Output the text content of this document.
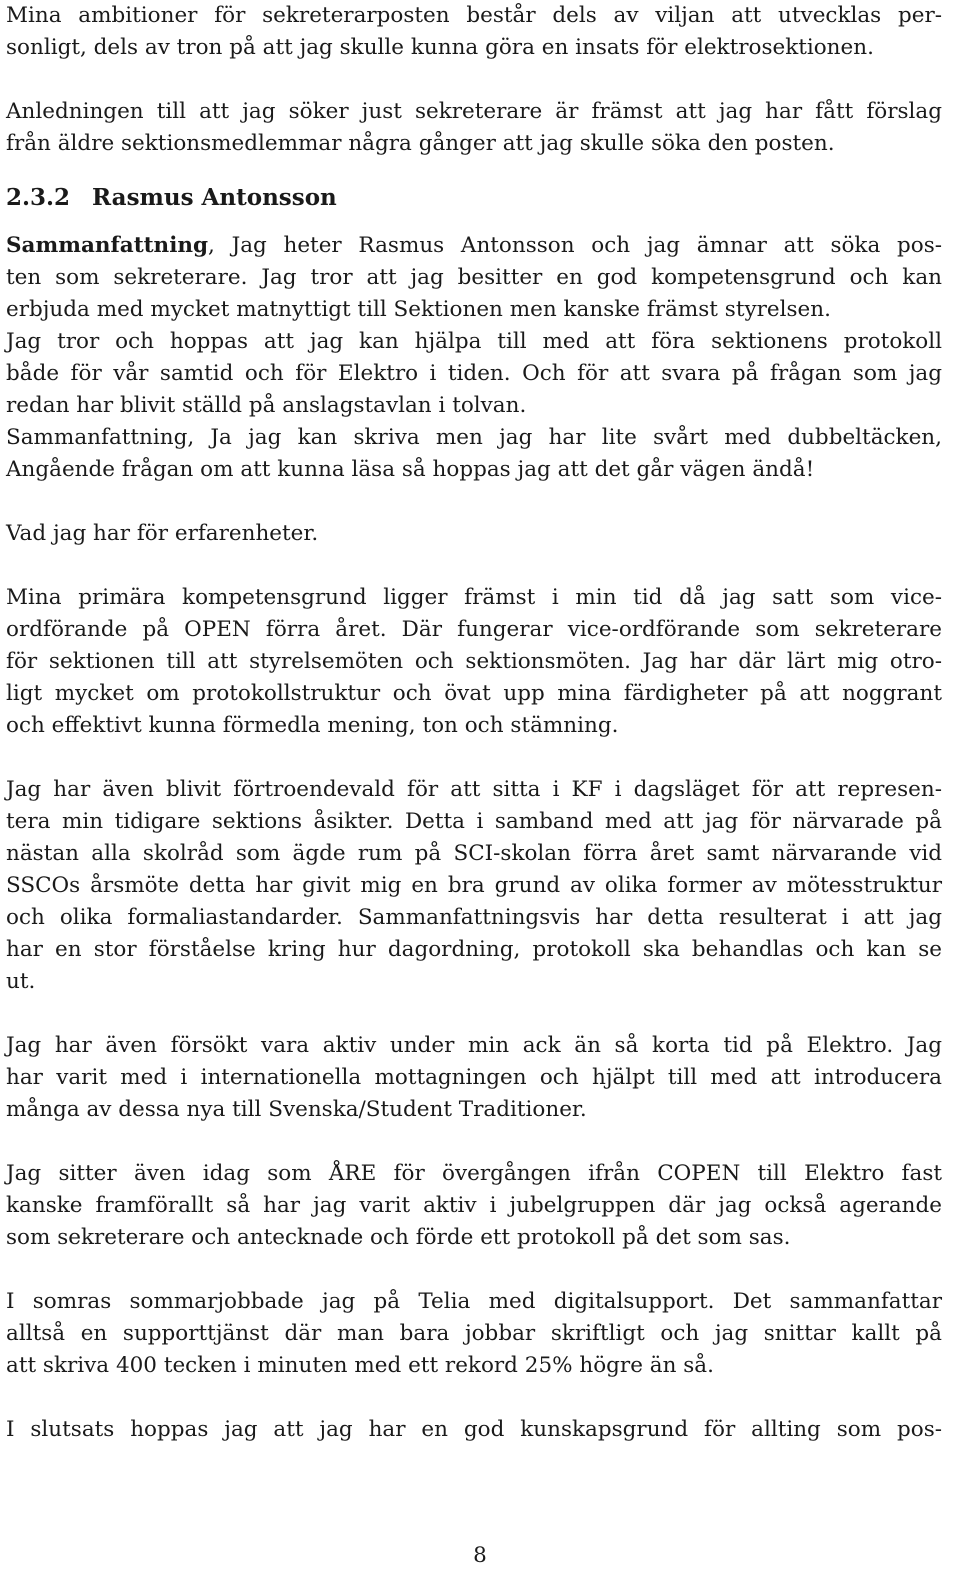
Mina ambitioner för sekreterarposten består dels av viljan att utvecklas per-
sonligt, dels av tron på att jag skulle kunna göra en insats för elektrosektionen.
Anledningen till att jag söker just sekreterare är främst att jag har fått förslag
från äldre sektionsmedlemmar några gånger att jag skulle söka den posten.
2.3.2 Rasmus Antonsson
Sammanfattning, Jag heter Rasmus Antonsson och jag ämnar att söka pos-
ten som sekreterare. Jag tror att jag besitter en god kompetensgrund och kan
erbjuda med mycket matnyttigt till Sektionen men kanske främst styrelsen.
Jag tror och hoppas att jag kan hjälpa till med att föra sektionens protokoll
både för vår samtid och för Elektro i tiden. Och för att svara på frågan som jag
redan har blivit ställd på anslagstavlan i tolvan.
Sammanfattning, Ja jag kan skriva men jag har lite svårt med dubbeltäcken,
Angående frågan om att kunna läsa så hoppas jag att det går vägen ändå!
Vad jag har för erfarenheter.
Mina primära kompetensgrund ligger främst i min tid då jag satt som vice-
ordförande på OPEN förra året. Där fungerar vice-ordförande som sekreterare
för sektionen till att styrelsemöten och sektionsmöten. Jag har där lärt mig otro-
ligt mycket om protokollstruktur och övat upp mina färdigheter på att noggrant
och effektivt kunna förmedla mening, ton och stämning.
Jag har även blivit förtroendevald för att sitta i KF i dagsläget för att represen-
tera min tidigare sektions åsikter. Detta i samband med att jag för närvarade på
nästan alla skolråd som ägde rum på SCI-skolan förra året samt närvarande vid
SSCOs årsmöte detta har givit mig en bra grund av olika former av mötesstruktur
och olika formaliastandarder. Sammanfattningsvis har detta resulterat i att jag
har en stor förståelse kring hur dagordning, protokoll ska behandlas och kan se
ut.
Jag har även försökt vara aktiv under min ack än så korta tid på Elektro. Jag
har varit med i internationella mottagningen och hjälpt till med att introducera
många av dessa nya till Svenska/Student Traditioner.
Jag sitter även idag som ÅRE för övergången ifrån COPEN till Elektro fast
kanske framförallt så har jag varit aktiv i jubelgruppen där jag också agerande
som sekreterare och antecknade och förde ett protokoll på det som sas.
I somras sommarjobbade jag på Telia med digitalsupport. Det sammanfattar
alltså en supporttjänst där man bara jobbar skriftligt och jag snittar kallt på
att skriva 400 tecken i minuten med ett rekord 25% högre än så.
I slutsats hoppas jag att jag har en god kunskapsgrund för allting som pos-
8
